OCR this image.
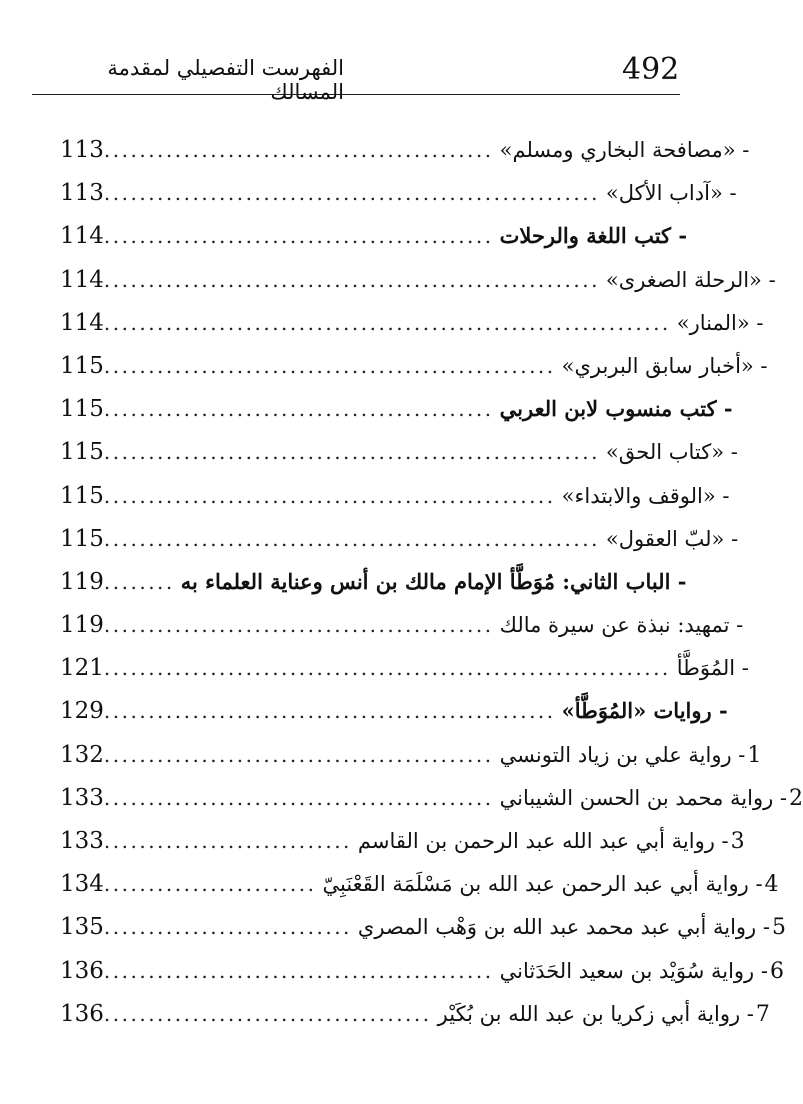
492
الفهرست التفصيلي لمقدمة المسالك
113 ............................................ - «مصافحة البخاري ومسلم»
113 ........................................................ - «آداب الأكل»
114 ............................................ - كتب اللغة والرحلات
114 ........................................................ - «الرحلة الصغرى»
114 ................................................................ - «المنار»
115 ................................................... - «أخبار سابق البربري»
115 ............................................ - كتب منسوب لابن العربي
115 ........................................................ - «كتاب الحق»
115 ................................................... - «الوقف والابتداء»
115 ........................................................ - «لبّ العقول»
119 ........ - الباب الثاني: مُوَطَّأ الإمام مالك بن أنس وعناية العلماء به
119 ............................................ - تمهيد: نبذة عن سيرة مالك
121 ................................................................ - المُوَطَّأ
129 ................................................... - روايات «المُوَطَّأ»
132 ............................................ - رواية علي بن زياد التونسي 1
133 ............................................ - رواية محمد بن الحسن الشيباني 2
133 ............................ - رواية أبي عبد الله عبد الرحمن بن القاسم 3
134 ........................ - رواية أبي عبد الرحمن عبد الله بن مَسْلَمَة القَعْنَبِيّ 4
135 ............................ - رواية أبي عبد محمد عبد الله بن وَهْب المصري 5
136 ............................................ - رواية سُوَيْد بن سعيد الحَدَثاني 6
136 ..................................... - رواية أبي زكريا بن عبد الله بن بُكَيْر 7
